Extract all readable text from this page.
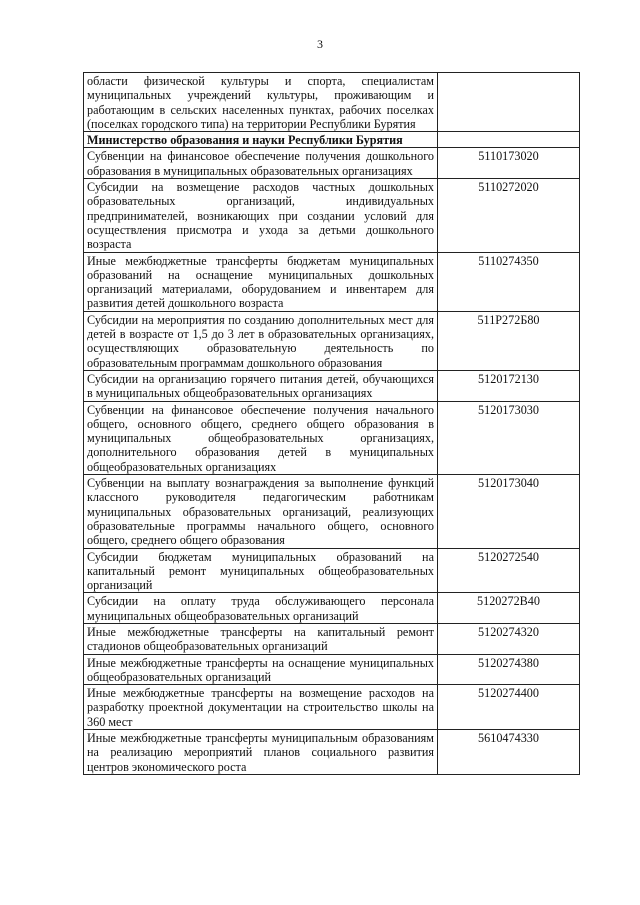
3
области физической культуры и спорта, специалистам муниципальных учреждений культуры, проживающим и работающим в сельских населенных пунктах, рабочих поселках (поселках городского типа) на территории Республики Бурятия	
Министерство образования и науки Республики Бурятия	
Субвенции на финансовое обеспечение получения дошкольного образования в муниципальных образовательных организациях	5110173020
Субсидии на возмещение расходов частных дошкольных образовательных организаций, индивидуальных предпринимателей, возникающих при создании условий для осуществления присмотра и ухода за детьми дошкольного возраста	5110272020
Иные межбюджетные трансферты бюджетам муниципальных образований на оснащение муниципальных дошкольных организаций материалами, оборудованием и инвентарем для развития детей дошкольного возраста	5110274350
Субсидии на мероприятия по созданию дополнительных мест для детей в возрасте от 1,5 до 3 лет в образовательных организациях, осуществляющих образовательную деятельность по образовательным программам дошкольного образования	511P272Б80
Субсидии на организацию горячего питания детей, обучающихся в муниципальных общеобразовательных организациях	5120172130
Субвенции на финансовое обеспечение получения начального общего, основного общего, среднего общего образования в муниципальных общеобразовательных организациях, дополнительного образования детей в муниципальных общеобразовательных организациях	5120173030
Субвенции на выплату вознаграждения за выполнение функций классного руководителя педагогическим работникам муниципальных образовательных организаций, реализующих образовательные программы начального общего, основного общего, среднего общего образования	5120173040
Субсидии бюджетам муниципальных образований на капитальный ремонт муниципальных общеобразовательных организаций	5120272540
Субсидии на оплату труда обслуживающего персонала муниципальных общеобразовательных организаций	5120272В40
Иные межбюджетные трансферты на капитальный ремонт стадионов общеобразовательных организаций	5120274320
Иные межбюджетные трансферты на оснащение муниципальных общеобразовательных организаций	5120274380
Иные межбюджетные трансферты на возмещение расходов на разработку проектной документации на строительство школы на 360 мест	5120274400
Иные межбюджетные трансферты муниципальным образованиям на реализацию мероприятий планов социального развития центров экономического роста	5610474330
